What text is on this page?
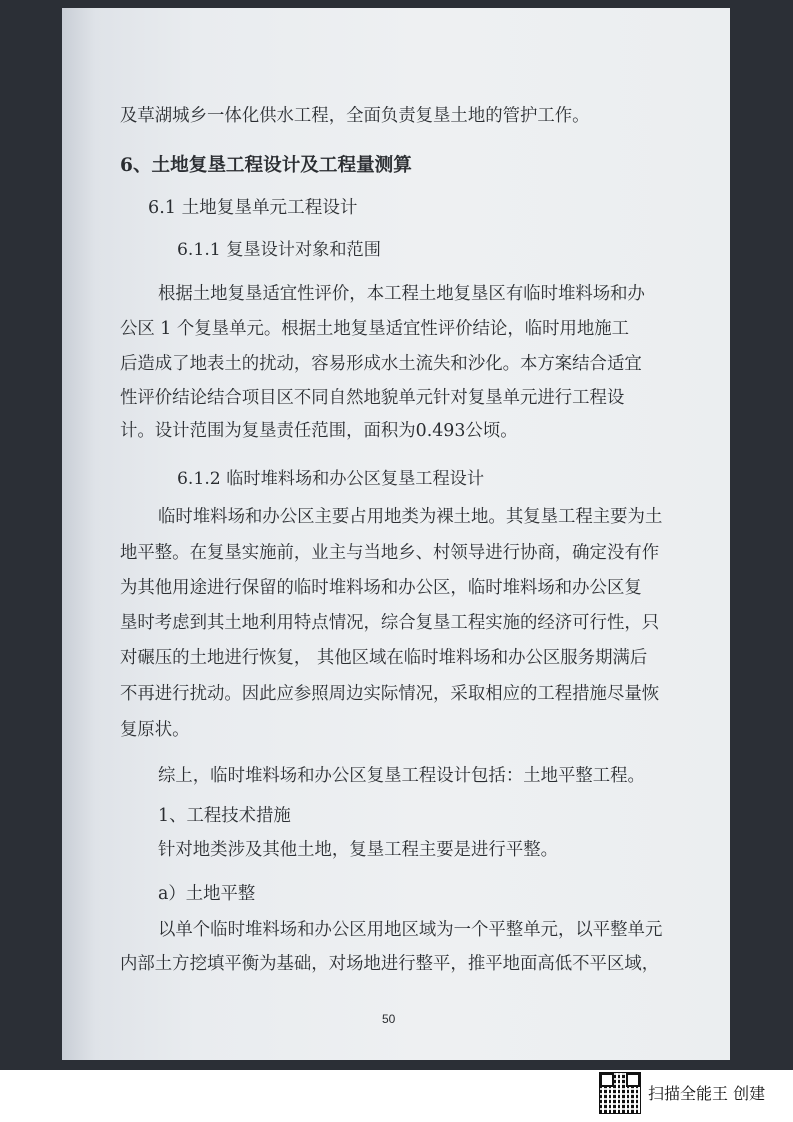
及草湖城乡一体化供水工程，全面负责复垦土地的管护工作。
6、土地复垦工程设计及工程量测算
6.1 土地复垦单元工程设计
6.1.1 复垦设计对象和范围
根据土地复垦适宜性评价，本工程土地复垦区有临时堆料场和办
公区 1 个复垦单元。根据土地复垦适宜性评价结论，临时用地施工
后造成了地表土的扰动，容易形成水土流失和沙化。本方案结合适宜
性评价结论结合项目区不同自然地貌单元针对复垦单元进行工程设
计。设计范围为复垦责任范围，面积为0.493公顷。
6.1.2 临时堆料场和办公区复垦工程设计
临时堆料场和办公区主要占用地类为裸土地。其复垦工程主要为土
地平整。在复垦实施前，业主与当地乡、村领导进行协商，确定没有作
为其他用途进行保留的临时堆料场和办公区，临时堆料场和办公区复
垦时考虑到其土地利用特点情况，综合复垦工程实施的经济可行性，只
对碾压的土地进行恢复， 其他区域在临时堆料场和办公区服务期满后
不再进行扰动。因此应参照周边实际情况，采取相应的工程措施尽量恢
复原状。
综上，临时堆料场和办公区复垦工程设计包括：土地平整工程。
1、工程技术措施
针对地类涉及其他土地，复垦工程主要是进行平整。
a）土地平整
以单个临时堆料场和办公区用地区域为一个平整单元，以平整单元
内部土方挖填平衡为基础，对场地进行整平，推平地面高低不平区域，
50
扫描全能王 创建
